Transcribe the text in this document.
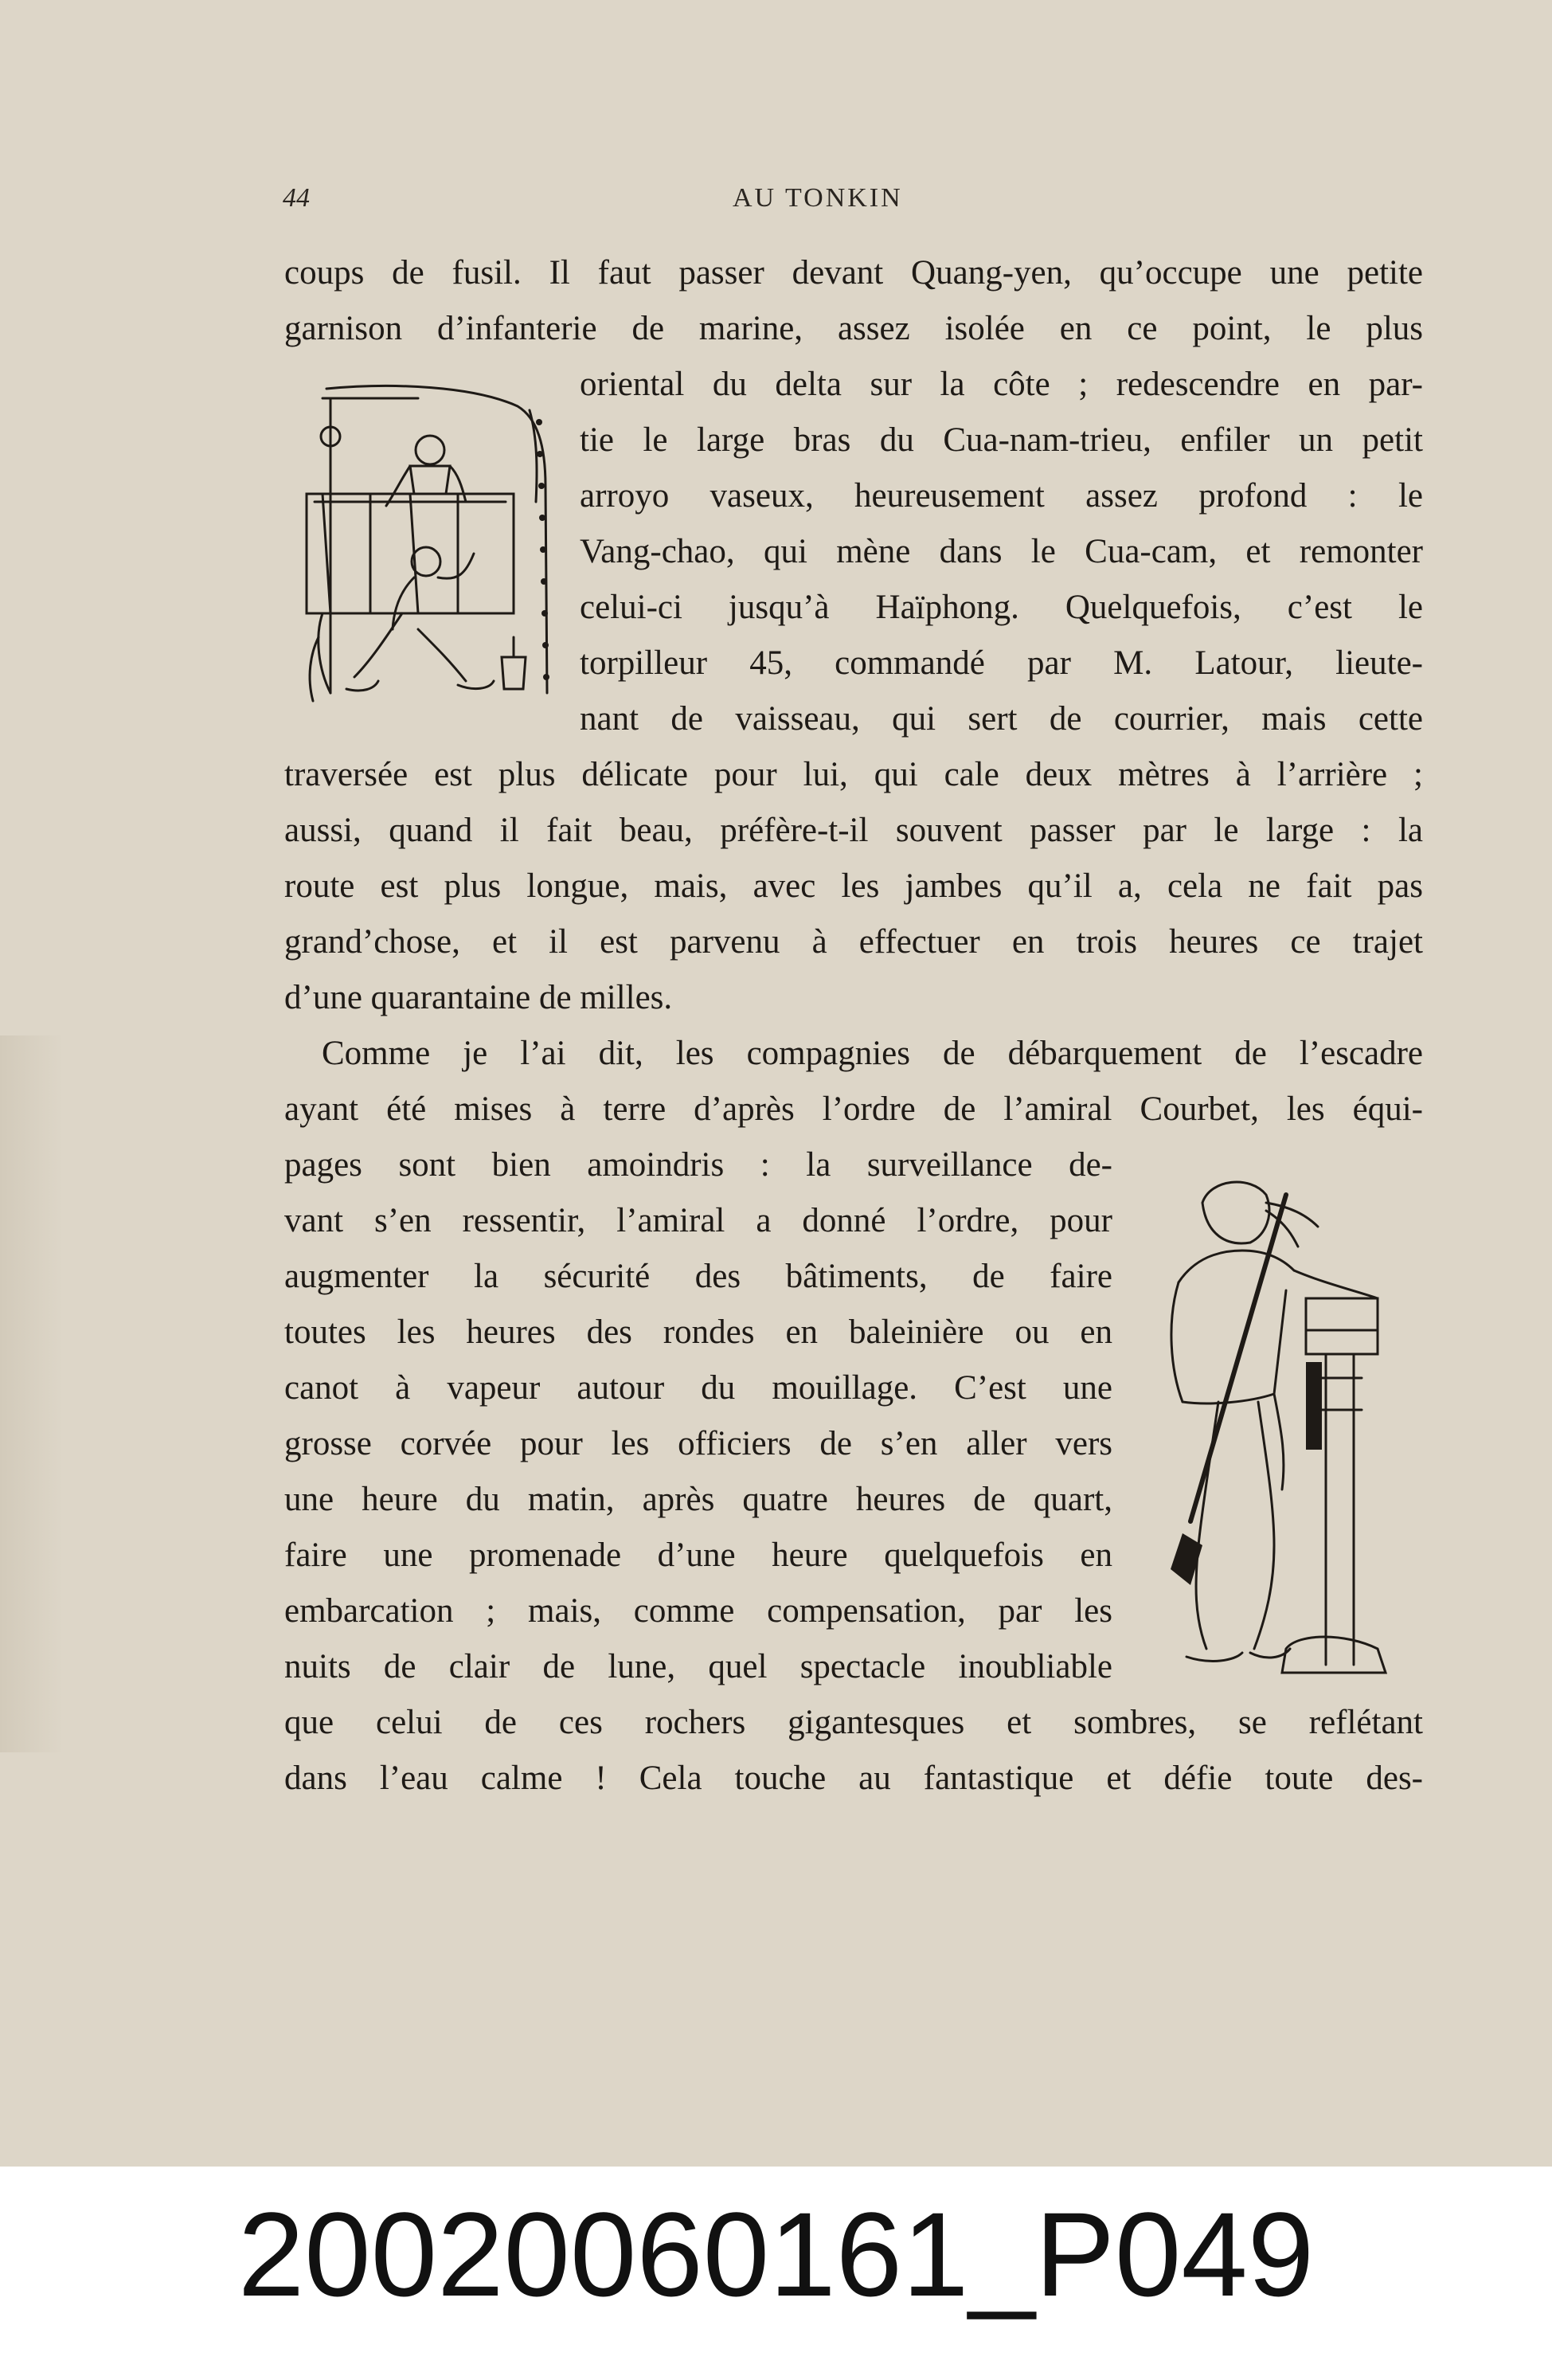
44	AU TONKIN
coups de fusil. Il faut passer devant Quang-yen, qu’occupe une petite
garnison d’infanterie de marine, assez isolée en ce point, le plus
oriental du delta sur la côte ; redescendre en par-
tie le large bras du Cua-nam-trieu, enfiler un petit
arroyo vaseux, heureusement assez profond : le
Vang-chao, qui mène dans le Cua-cam, et remonter
celui-ci jusqu’à Haïphong. Quelquefois, c’est le
torpilleur 45, commandé par M. Latour, lieute-
nant de vaisseau, qui sert de courrier, mais cette
traversée est plus délicate pour lui, qui cale deux mètres à l’arrière ;
aussi, quand il fait beau, préfère-t-il souvent passer par le large : la
route est plus longue, mais, avec les jambes qu’il a, cela ne fait pas
grand’chose, et il est parvenu à effectuer en trois heures ce trajet
d’une quarantaine de milles.
Comme je l’ai dit, les compagnies de débarquement de l’escadre
ayant été mises à terre d’après l’ordre de l’amiral Courbet, les équi-
pages sont bien amoindris : la surveillance de-
vant s’en ressentir, l’amiral a donné l’ordre, pour
augmenter la sécurité des bâtiments, de faire
toutes les heures des rondes en baleinière ou en
canot à vapeur autour du mouillage. C’est une
grosse corvée pour les officiers de s’en aller vers
une heure du matin, après quatre heures de quart,
faire une promenade d’une heure quelquefois en
embarcation ; mais, comme compensation, par les
nuits de clair de lune, quel spectacle inoubliable
que celui de ces rochers gigantesques et sombres, se reflétant
dans l’eau calme ! Cela touche au fantastique et défie toute des-
20020060161_P049
